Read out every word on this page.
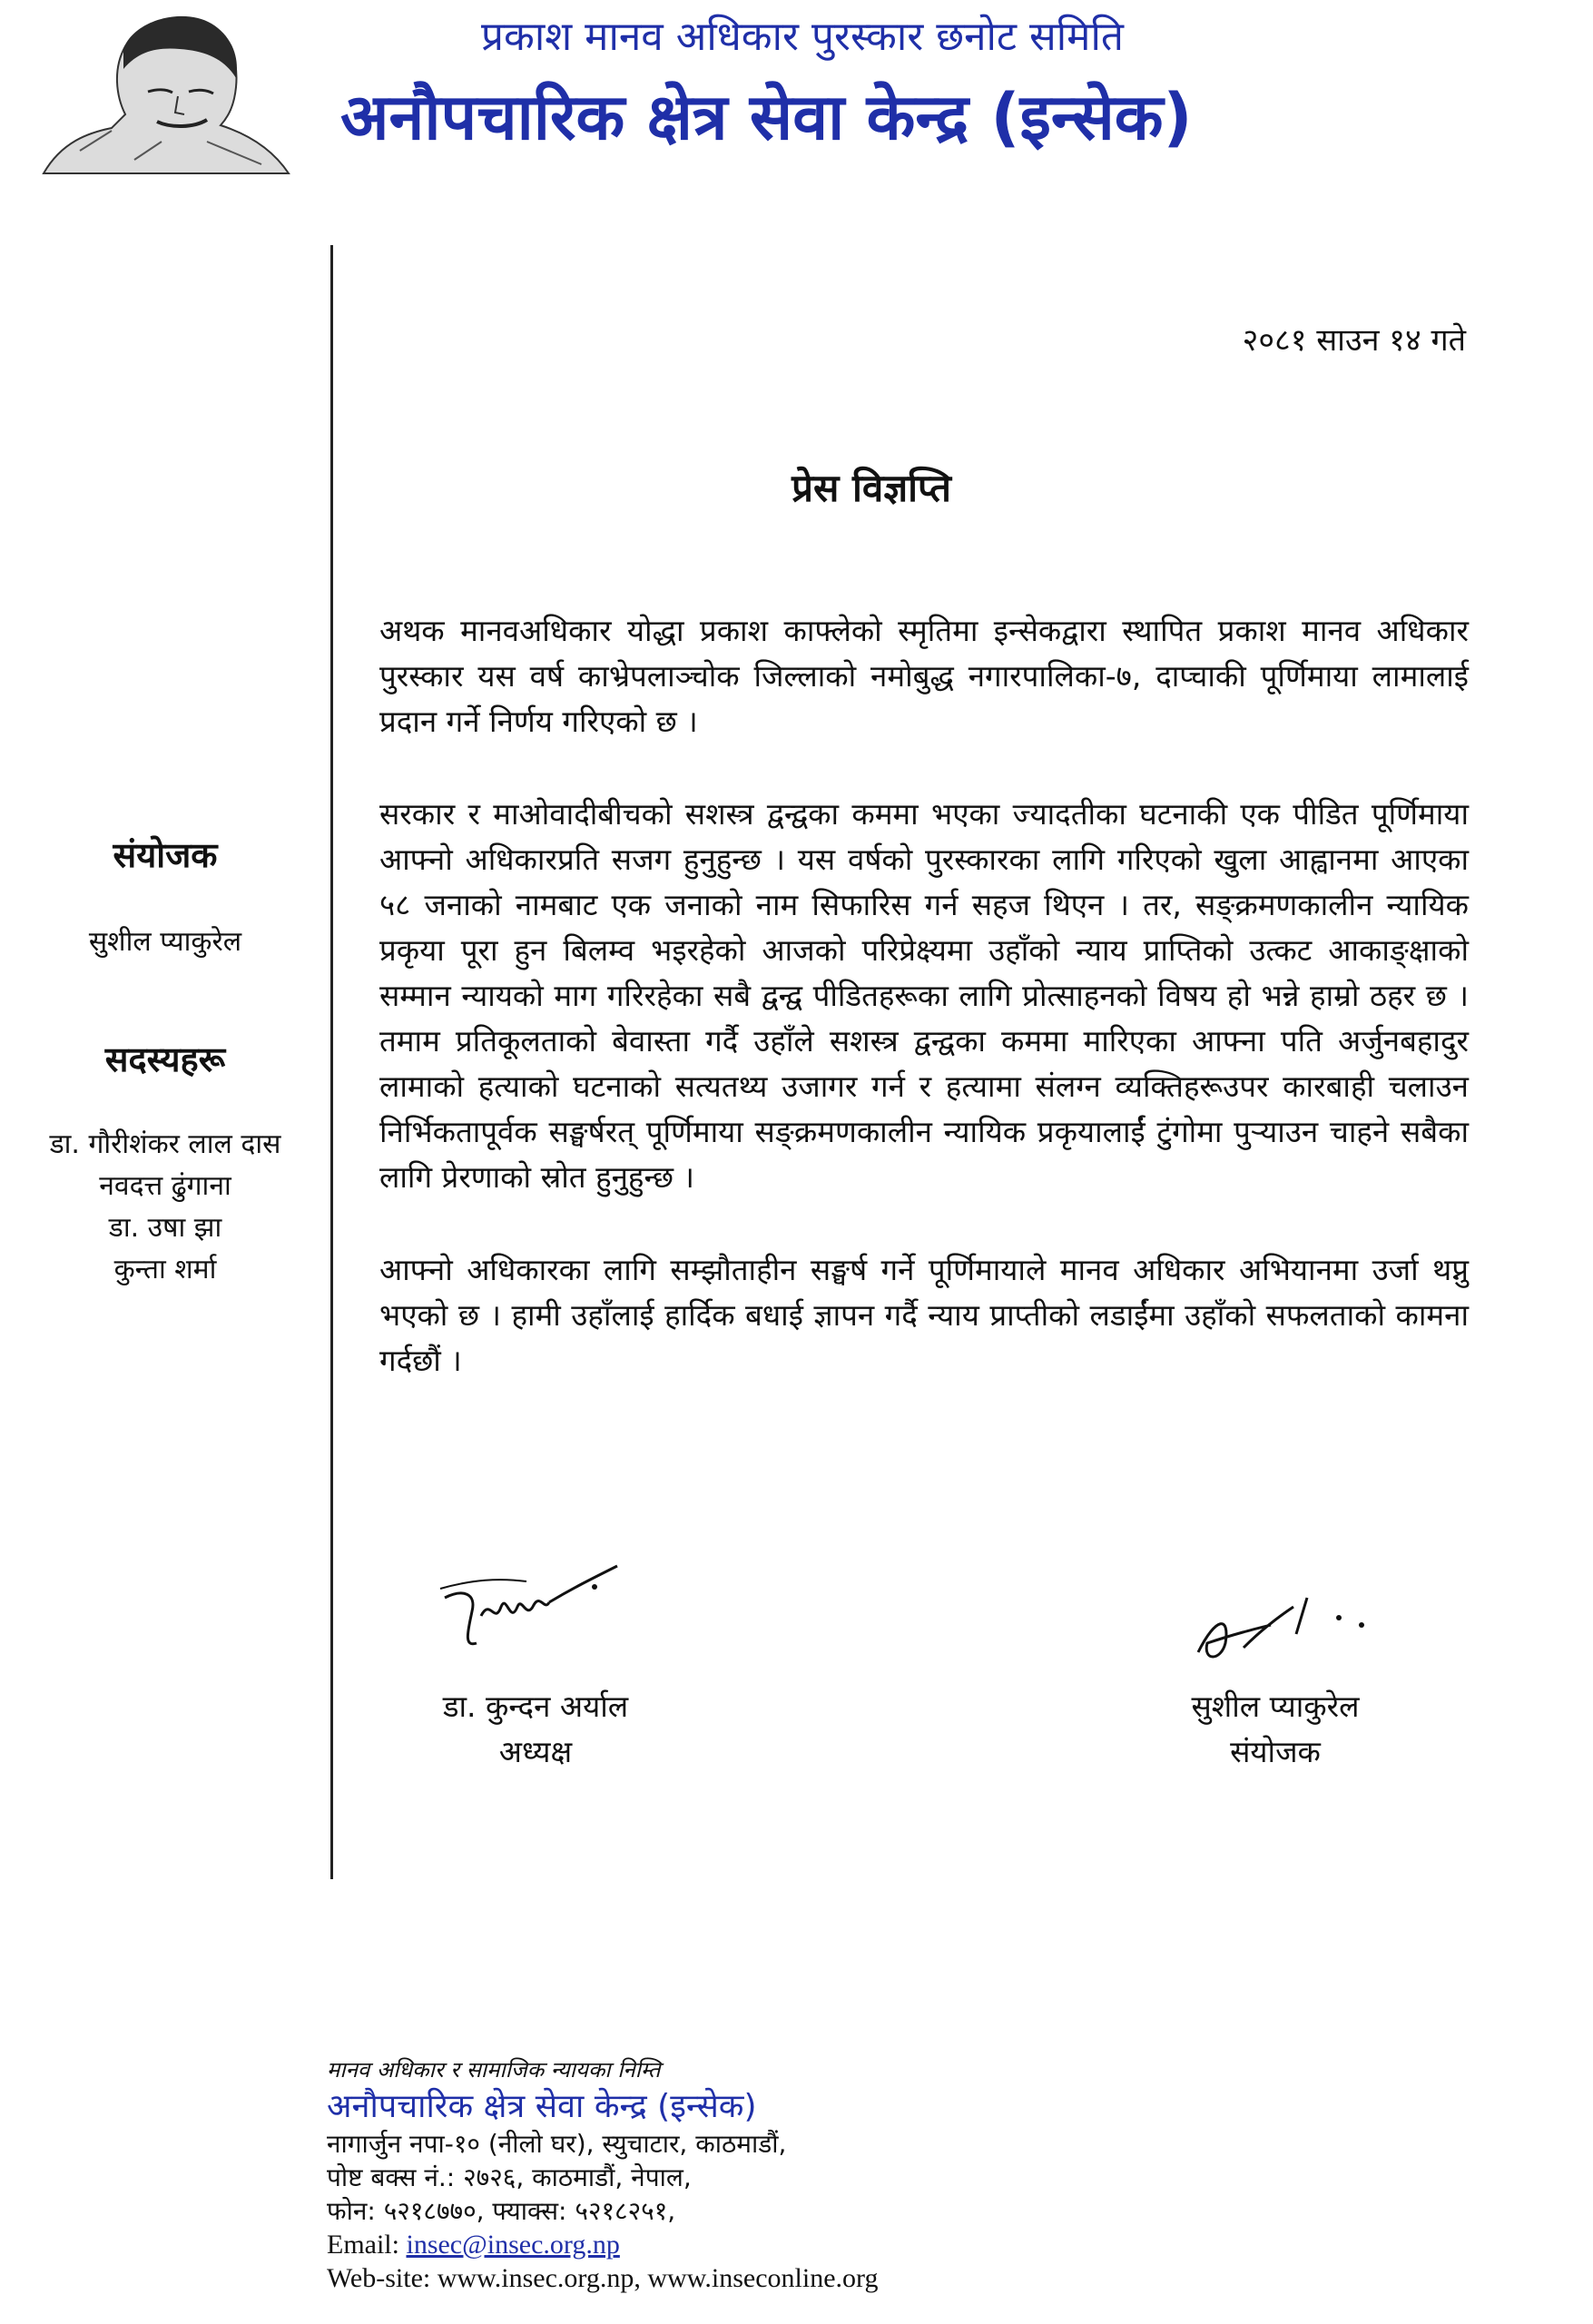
प्रकाश मानव अधिकार पुरस्कार छनोट समिति
अनौपचारिक क्षेत्र सेवा केन्द्र (इन्सेक)
२०८१ साउन १४ गते
प्रेस विज्ञप्ति

अथक मानवअधिकार योद्धा प्रकाश काफ्लेको स्मृतिमा इन्सेकद्वारा स्थापित प्रकाश मानव अधिकार पुरस्कार यस वर्ष काभ्रेपलाञ्चोक जिल्लाको नमोबुद्ध नगारपालिका-७, दाप्चाकी पूर्णिमाया लामालाई प्रदान गर्ने निर्णय गरिएको छ ।

सरकार र माओवादीबीचको सशस्त्र द्वन्द्वका कममा भएका ज्यादतीका घटनाकी एक पीडित पूर्णिमाया आफ्नो अधिकारप्रति सजग हुनुहुन्छ । यस वर्षको पुरस्कारका लागि गरिएको खुला आह्वानमा आएका ५८ जनाको नामबाट एक जनाको नाम सिफारिस गर्न सहज थिएन । तर, सङ्क्रमणकालीन न्यायिक प्रकृया पूरा हुन बिलम्व भइरहेको आजको परिप्रेक्ष्यमा उहाँको न्याय प्राप्तिको उत्कट आकाङ्क्षाको सम्मान न्यायको माग गरिरहेका सबै द्वन्द्व पीडितहरूका लागि प्रोत्साहनको विषय हो भन्ने हाम्रो ठहर छ । तमाम प्रतिकूलताको बेवास्ता गर्दै उहाँले सशस्त्र द्वन्द्वका कममा मारिएका आफ्ना पति अर्जुनबहादुर लामाको हत्याको घटनाको सत्यतथ्य उजागर गर्न र हत्यामा संलग्न व्यक्तिहरूउपर कारबाही चलाउन निर्भिकतापूर्वक सङ्घर्षरत् पूर्णिमाया सङ्क्रमणकालीन न्यायिक प्रकृयालाईं टुंगोमा पुऱ्याउन चाहने सबैका लागि प्रेरणाको स्रोत हुनुहुन्छ ।

आफ्नो अधिकारका लागि सम्झौताहीन सङ्घर्ष गर्ने पूर्णिमायाले मानव अधिकार अभियानमा उर्जा थप्नु भएको छ । हामी उहाँलाई हार्दिक बधाई ज्ञापन गर्दै न्याय प्राप्तीको लडाईंमा उहाँको सफलताको कामना गर्दछौं ।

संयोजक
सुशील प्याकुरेल
सदस्यहरू
डा. गौरीशंकर लाल दास
नवदत्त ढुंगाना
डा. उषा झा
कुन्ता शर्मा
डा. कुन्दन अर्याल
अध्यक्ष
सुशील प्याकुरेल
संयोजक
मानव अधिकार र सामाजिक न्यायका निम्ति
अनौपचारिक क्षेत्र सेवा केन्द्र (इन्सेक)
नागार्जुन नपा-१० (नीलो घर), स्युचाटार, काठमाडौं,
पोष्ट बक्स नं.: २७२६, काठमाडौं, नेपाल,
फोन: ५२१८७७०, फ्याक्स: ५२१८२५१,
Email: insec@insec.org.np
Web-site: www.insec.org.np, www.inseconline.org
